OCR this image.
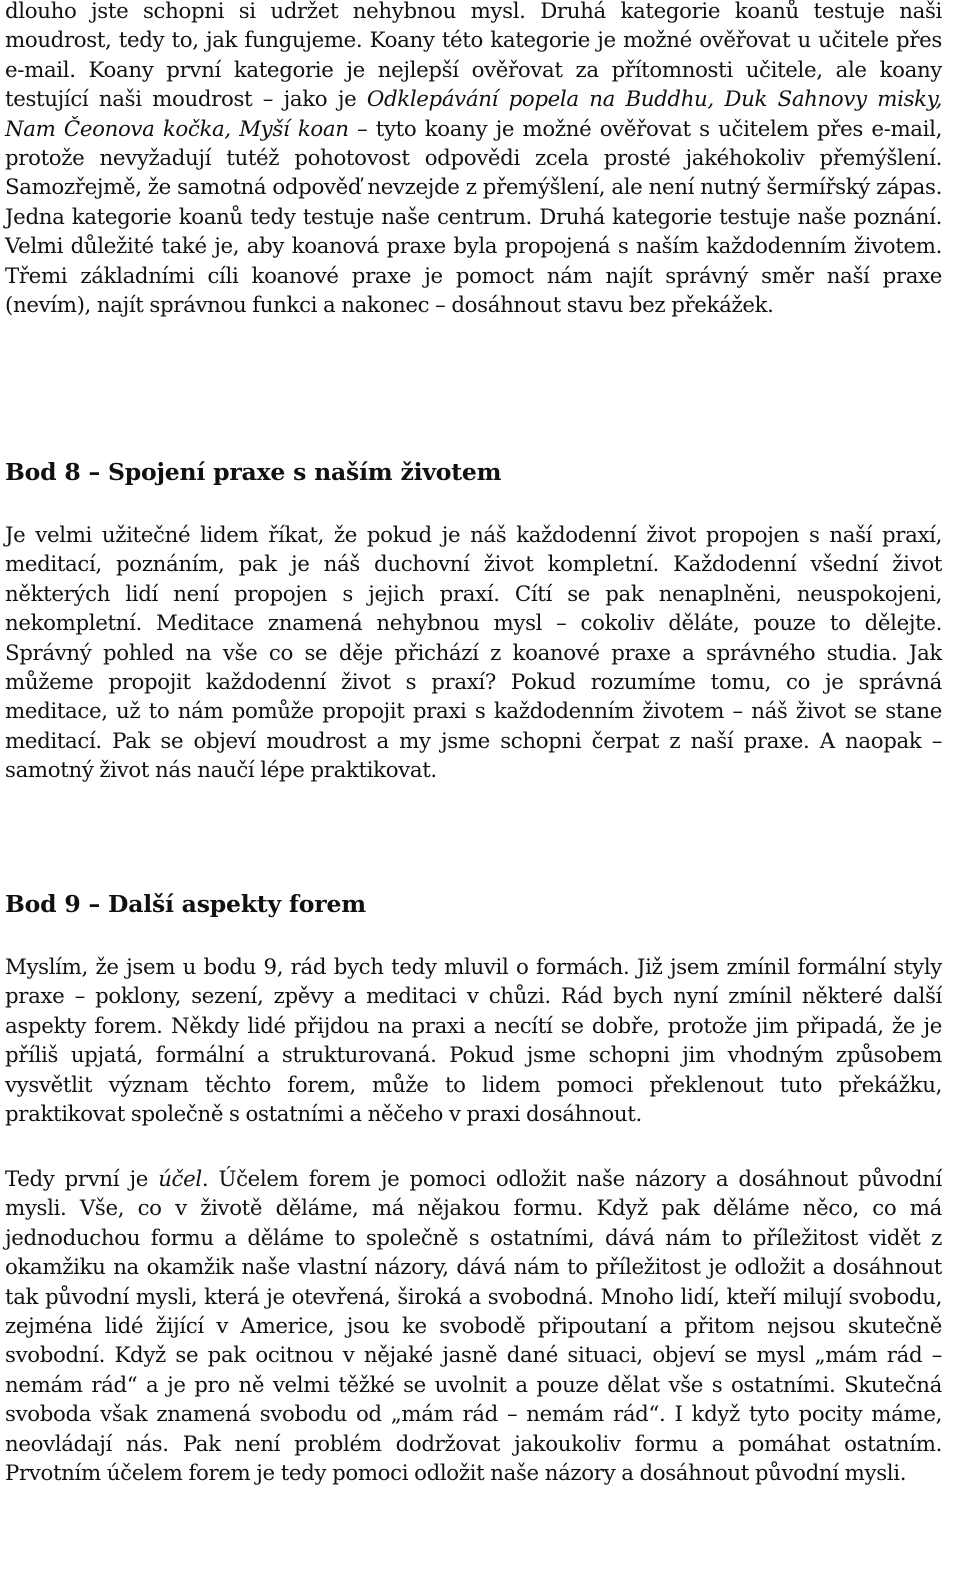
dlouho jste schopni si udržet nehybnou mysl. Druhá kategorie koanů testuje naši moudrost, tedy to, jak fungujeme. Koany této kategorie je možné ověřovat u učitele přes e-mail. Koany první kategorie je nejlepší ověřovat za přítomnosti učitele, ale koany testující naši moudrost – jako je Odklepávání popela na Buddhu, Duk Sahnovy misky, Nam Čeonova kočka, Myší koan – tyto koany je možné ověřovat s učitelem přes e-mail, protože nevyžadují tutéž pohotovost odpovědi zcela prosté jakéhokoliv přemýšlení. Samozřejmě, že samotná odpověď nevzejde z přemýšlení, ale není nutný šermířský zápas. Jedna kategorie koanů tedy testuje naše centrum. Druhá kategorie testuje naše poznání. Velmi důležité také je, aby koanová praxe byla propojená s naším každodenním životem. Třemi základními cíli koanové praxe je pomoct nám najít správný směr naší praxe (nevím), najít správnou funkci a nakonec – dosáhnout stavu bez překážek.

Bod 8 – Spojení praxe s naším životem

Je velmi užitečné lidem říkat, že pokud je náš každodenní život propojen s naší praxí, meditací, poznáním, pak je náš duchovní život kompletní. Každodenní všední život některých lidí není propojen s jejich praxí. Cítí se pak nenaplněni, neuspokojeni, nekompletní. Meditace znamená nehybnou mysl – cokoliv děláte, pouze to dělejte. Správný pohled na vše co se děje přichází z koanové praxe a správného studia. Jak můžeme propojit každodenní život s praxí? Pokud rozumíme tomu, co je správná meditace, už to nám pomůže propojit praxi s každodenním životem – náš život se stane meditací. Pak se objeví moudrost a my jsme schopni čerpat z naší praxe. A naopak – samotný život nás naučí lépe praktikovat.

Bod 9 – Další aspekty forem

Myslím, že jsem u bodu 9, rád bych tedy mluvil o formách. Již jsem zmínil formální styly praxe – poklony, sezení, zpěvy a meditaci v chůzi. Rád bych nyní zmínil některé další aspekty forem. Někdy lidé přijdou na praxi a necítí se dobře, protože jim připadá, že je příliš upjatá, formální a strukturovaná. Pokud jsme schopni jim vhodným způsobem vysvětlit význam těchto forem, může to lidem pomoci překlenout tuto překážku, praktikovat společně s ostatními a něčeho v praxi dosáhnout.

Tedy první je účel. Účelem forem je pomoci odložit naše názory a dosáhnout původní mysli. Vše, co v životě děláme, má nějakou formu. Když pak děláme něco, co má jednoduchou formu a děláme to společně s ostatními, dává nám to příležitost vidět z okamžiku na okamžik naše vlastní názory, dává nám to příležitost je odložit a dosáhnout tak původní mysli, která je otevřená, široká a svobodná. Mnoho lidí, kteří milují svobodu, zejména lidé žijící v Americe, jsou ke svobodě připoutaní a přitom nejsou skutečně svobodní. Když se pak ocitnou v nějaké jasně dané situaci, objeví se mysl „mám rád – nemám rád“ a je pro ně velmi těžké se uvolnit a pouze dělat vše s ostatními. Skutečná svoboda však znamená svobodu od „mám rád – nemám rád“. I když tyto pocity máme, neovládají nás. Pak není problém dodržovat jakoukoliv formu a pomáhat ostatním. Prvotním účelem forem je tedy pomoci odložit naše názory a dosáhnout původní mysli.
